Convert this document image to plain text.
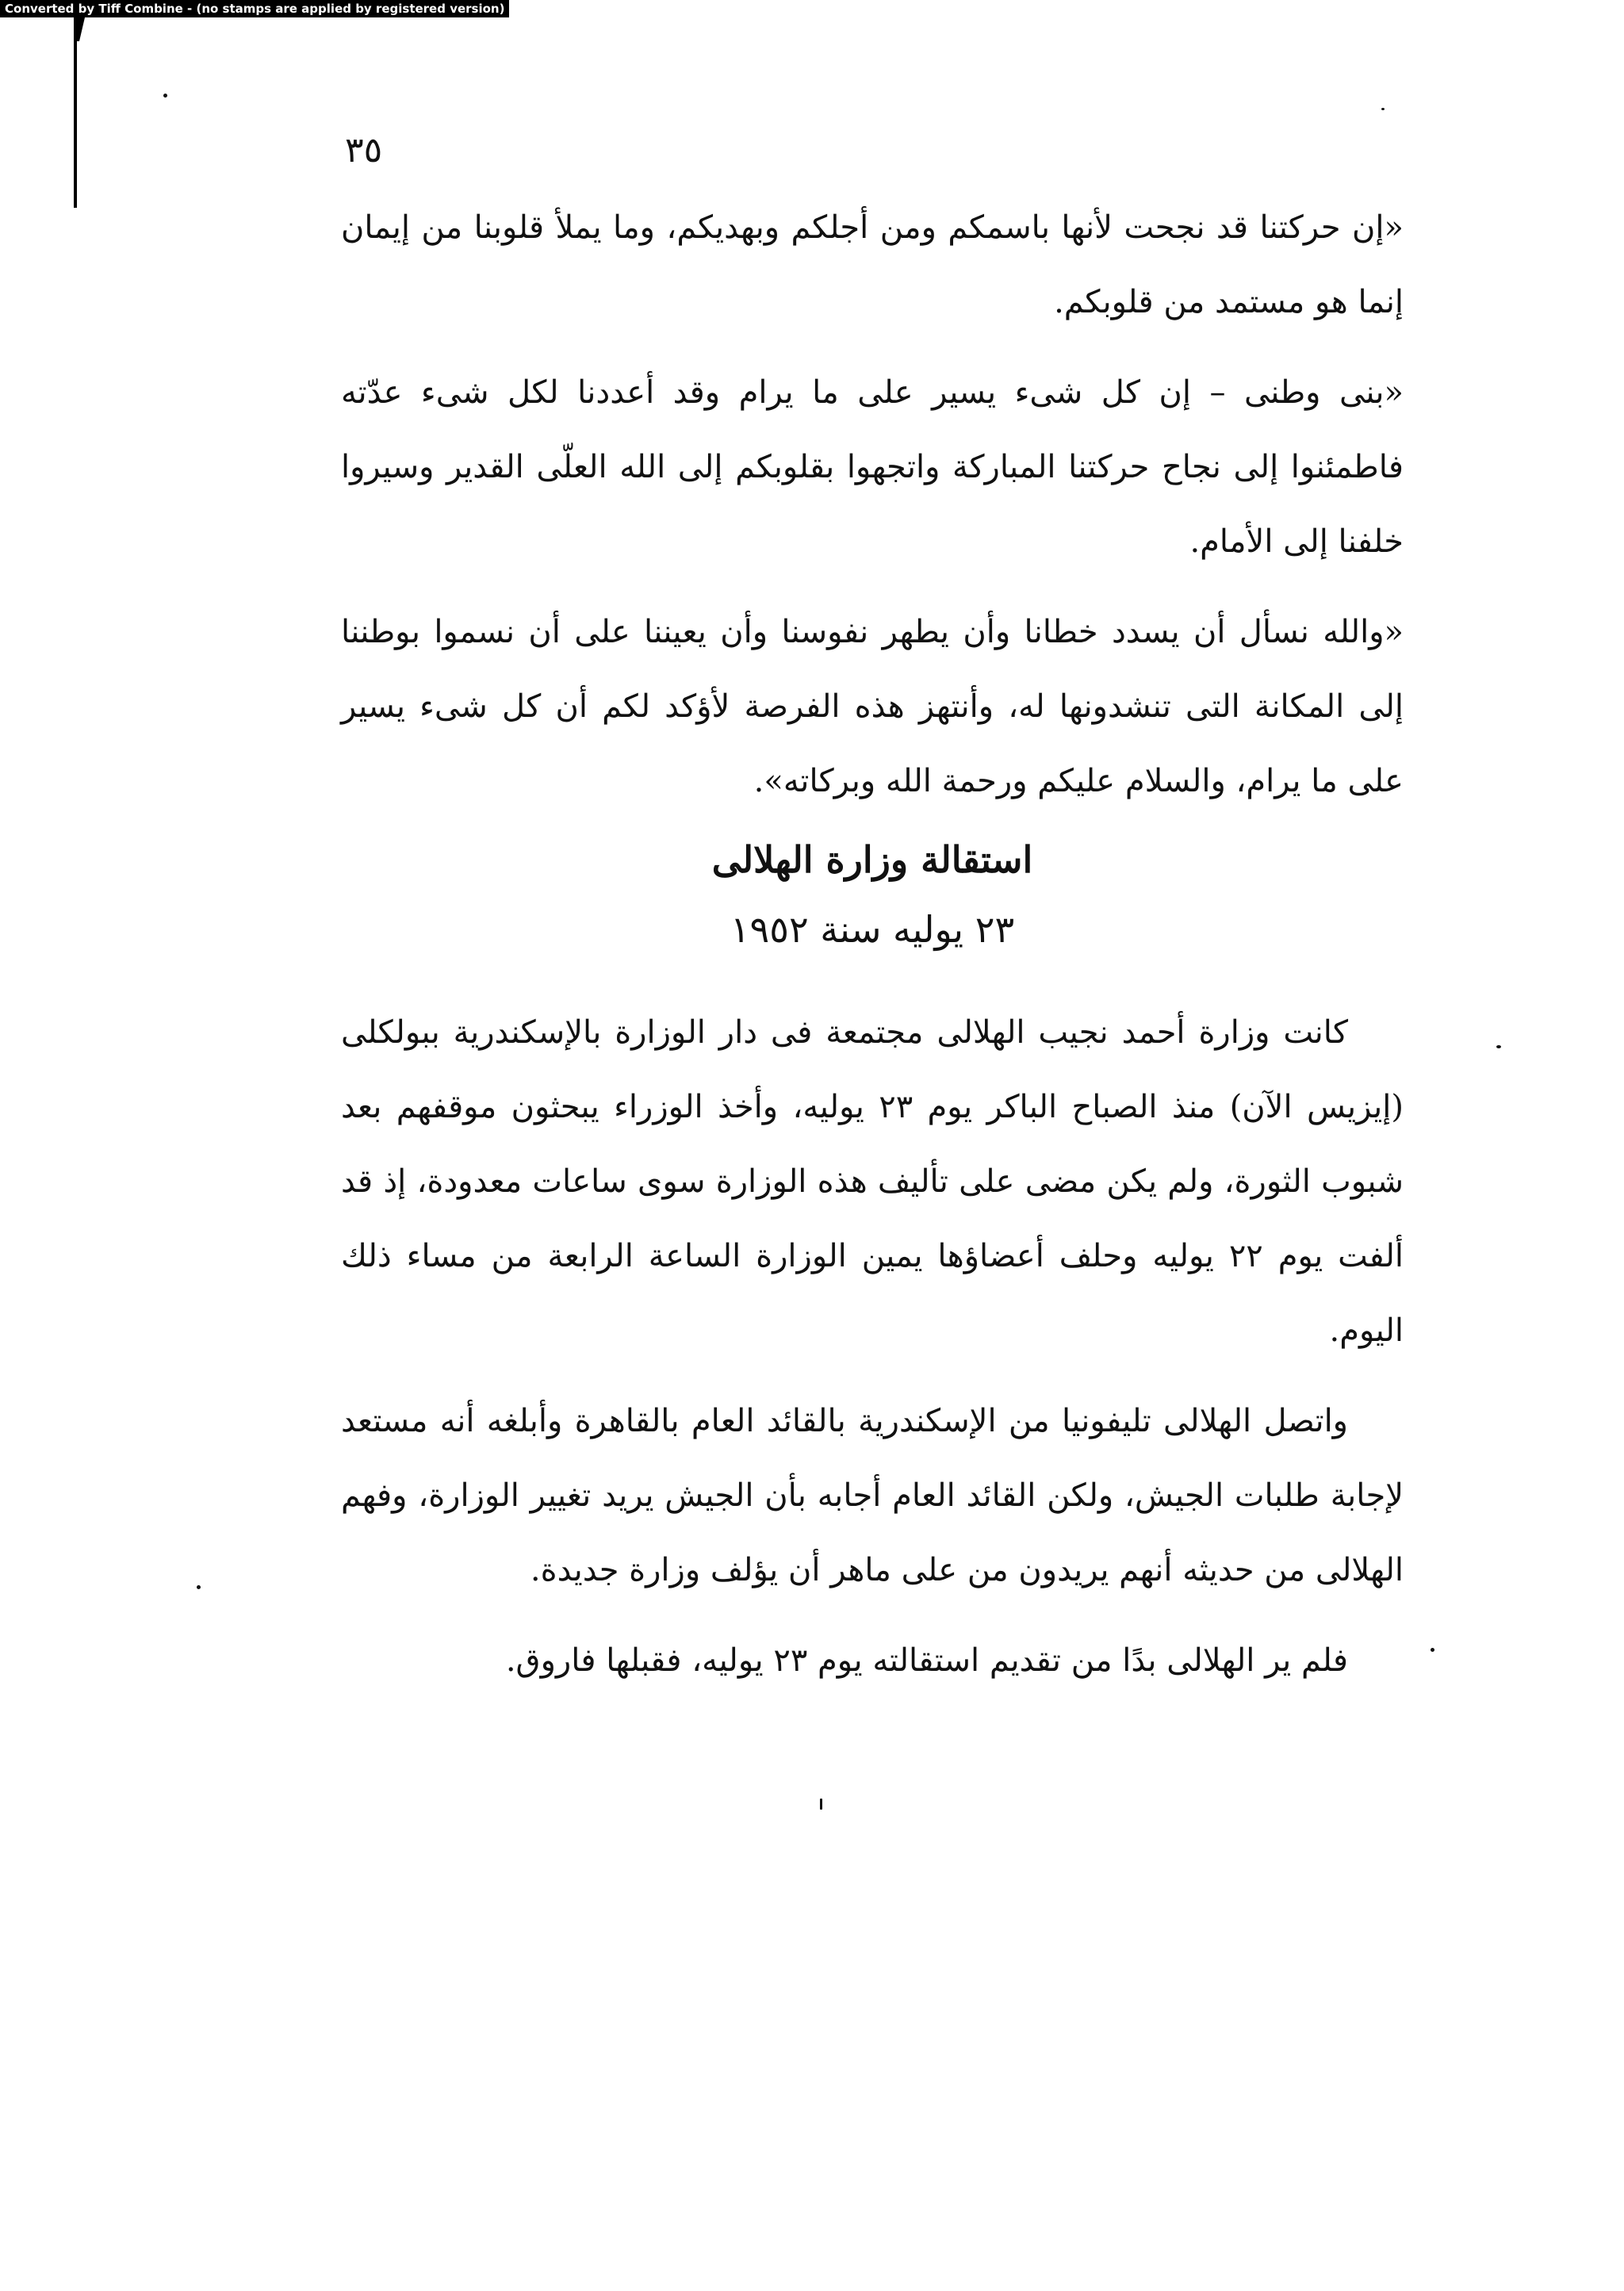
Converted by Tiff Combine - (no stamps are applied by registered version)
٣٥

«إن حركتنا قد نجحت لأنها باسمكم ومن أجلكم وبهديكم، وما يملأ قلوبنا من إيمان إنما هو مستمد من قلوبكم.

«بنى وطنى – إن كل شىء يسير على ما يرام وقد أعددنا لكل شىء عدّته فاطمئنوا إلى نجاح حركتنا المباركة واتجهوا بقلوبكم إلى الله العلّى القدير وسيروا خلفنا إلى الأمام.

«والله نسأل أن يسدد خطانا وأن يطهر نفوسنا وأن يعيننا على أن نسموا بوطننا إلى المكانة التى تنشدونها له، وأنتهز هذه الفرصة لأؤكد لكم أن كل شىء يسير على ما يرام، والسلام عليكم ورحمة الله وبركاته».

استقالة وزارة الهلالى
٢٣ يوليه سنة ١٩٥٢

كانت وزارة أحمد نجيب الهلالى مجتمعة فى دار الوزارة بالإسكندرية ببولكلى (إيزيس الآن) منذ الصباح الباكر يوم ٢٣ يوليه، وأخذ الوزراء يبحثون موقفهم بعد شبوب الثورة، ولم يكن مضى على تأليف هذه الوزارة سوى ساعات معدودة، إذ قد ألفت يوم ٢٢ يوليه وحلف أعضاؤها يمين الوزارة الساعة الرابعة من مساء ذلك اليوم.

واتصل الهلالى تليفونيا من الإسكندرية بالقائد العام بالقاهرة وأبلغه أنه مستعد لإجابة طلبات الجيش، ولكن القائد العام أجابه بأن الجيش يريد تغيير الوزارة، وفهم الهلالى من حديثه أنهم يريدون من على ماهر أن يؤلف وزارة جديدة.

فلم ير الهلالى بدًا من تقديم استقالته يوم ٢٣ يوليه، فقبلها فاروق.
